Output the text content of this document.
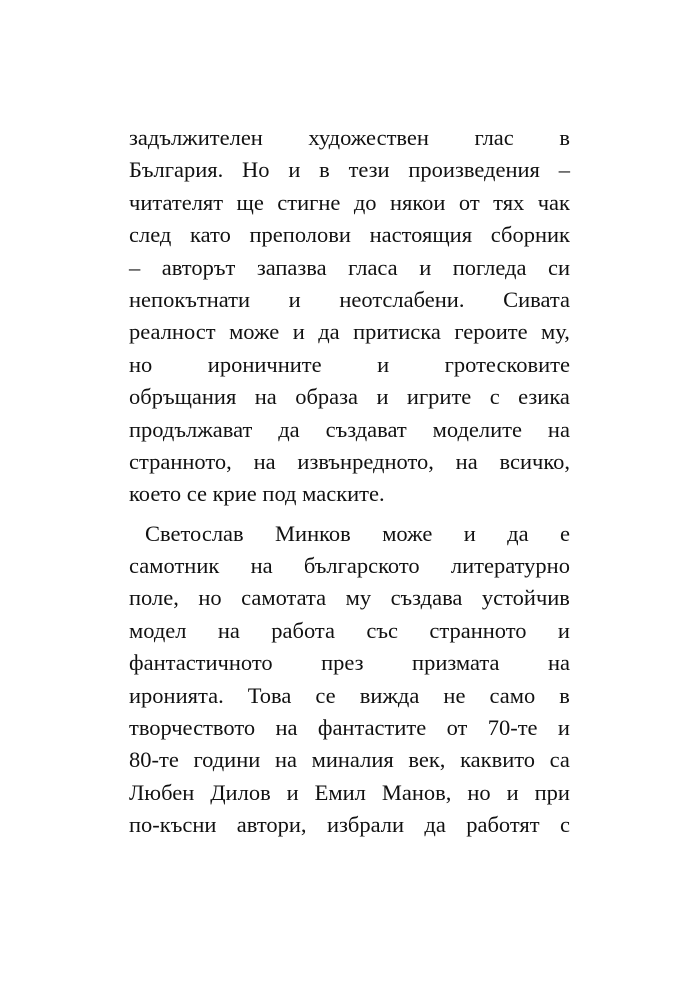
задължителен художествен глас в
България. Но и в тези произведения –
читателят ще стигне до някои от тях чак
след като преполови настоящия сборник
– авторът запазва гласа и погледа си
непокътнати и неотслабени. Сивата
реалност може и да притиска героите му,
но ироничните и гротесковите
обръщания на образа и игрите с езика
продължават да създават моделите на
странното, на извънредното, на всичко,
което се крие под маските.
Светослав Минков може и да е
самотник на българското литературно
поле, но самотата му създава устойчив
модел на работа със странното и
фантастичното през призмата на
иронията. Това се вижда не само в
творчеството на фантастите от 70-те и
80-те години на миналия век, каквито са
Любен Дилов и Емил Манов, но и при
по-късни автори, избрали да работят с
